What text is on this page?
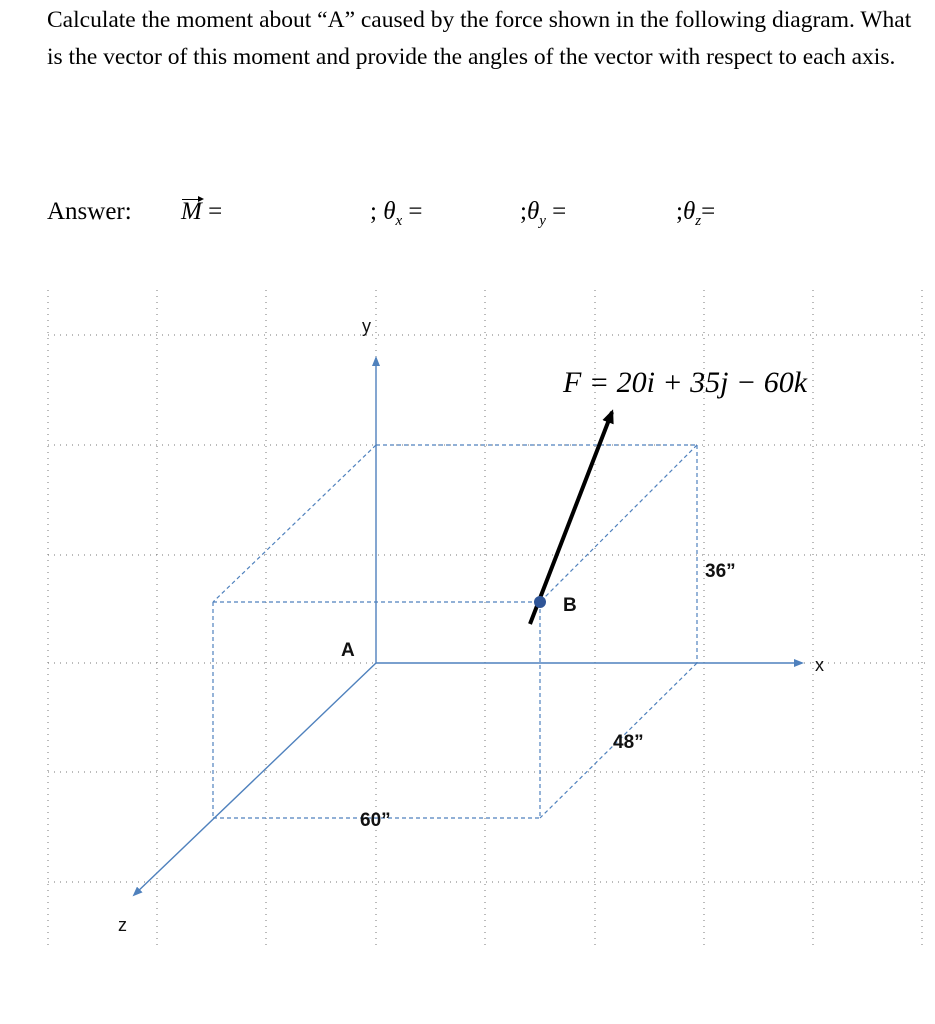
Calculate the moment about “A” caused by the force shown in the following diagram. What is the vector of this moment and provide the angles of the vector with respect to each axis.
Answer: M =	; $\theta_x$ =	$;\theta_y$ =	$;\theta_z=$
y
x
z
A
B
36”
48”
60”
F = 20i + 35j − 60k
